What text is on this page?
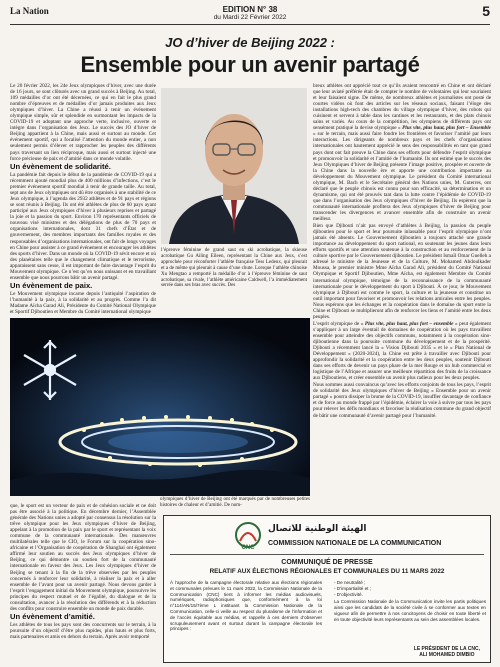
La Nation	EDITION N° 38
du Mardi 22 Février 2022	5
JO d’hiver de Beijing 2022 :
Ensemble pour un avenir partagé

Le 20 février 2022, les 24e Jeux olympiques d’hiver, avec une durée de 16 jours, se sont clôturés avec un grand succès à Beijing. Au total, 109 médailles d’or ont été décernées, ce qui en fait le plus grand nombre d’épreuves et de médailles d’or jamais produites aux Jeux olympiques d’hiver. La Chine a réussi à tenir un événement olympique simple, sûr et splendide en surmontant les impacts de la COVID-19 et adoptant une approche verte, inclusive, ouverte et intègre dans l’organisation des Jeux. Le succès des JO d’hiver de Beijing appartient à la Chine, mais aussi et surtout au monde. Cet événement sportif, qui a focalisé l’attention du monde entier, a non seulement permis d’élever et rapprocher les peuples des différents pays traversant un lien réciproque, mais aussi et surtout injecté une force précieuse de paix et d’amitié dans ce monde volatile.

Un évènement de solidarité.

La pandémie fait depuis le début de la pandémie de COVID-19 qui a récemment ajouté mondial plus de 400 millions d’infections, c’est le premier événement sportif mondial à tenir de grande taille. Au total, sept ans de Jeux olympiques ont dû être organisés à une stabilité de ce Jeux olympique, à l’agenda des 2932 athlètes et de 91 pays et régions se sont réunis à Beijing. Ils ont été athlètes de plus de 60 pays ayant participé aux Jeux olympiques d’hiver à plusieurs reprises et partagé la joie et la passion du sport. Environ 170 représentants officiels de nouveau visé ministres et des délégations de plus de 70 pays et organisations internationales, dont 31 chefs d’État et de gouvernement, des membres importants des familles royales et des responsables d’organisations internationales, ont fait de longs voyages en Chine pour assister à ce grand événement et encourager les athlètes des sports d’hiver. Dans un monde où la COVID-19 sévit encore et où des planétaires telle que le changement climatique et le terrorisme, apparaissent sans cesse, il est important de faire davantage l’esprit du Mouvement olympique. Ce n’est qu’en nous unissant et en travaillant ensemble que nous pourrons bâtir un avenir partagé.

Un évènement de paix.

Le Mouvement olympique incarne depuis l’antiquité l’aspiration de l’humanité à la paix, à la solidarité et au progrès. Comme l’a dit Madame Aïcha Garad Ali, Présidente du Comité National Olympique et Sportif Djiboutien et Membre du Comité international olympique

l’épreuve féminine de grand saut en ski acrobatique, la skieuse acrobatique Gu Ailing Eileen, représentant la Chine aux Jeux, s’est approchée pour réconforter l’athlète française Tess Ledeux, qui pleurait et a de même qui pleurait à cause d’une chute. Lorsque l’athlète chinoise Xu Mengtao a remporté la médaille d’or à l’épreuve féminine de saut acrobatique, sa rivale, l’athlète américaine Caldwell, l’a immédiatement serrée dans ses bras avec succès. Des

breux athlètes ont apprécié tout ce qu’ils avaient rencontré en Chine et ont déclaré que leur aviaté préférée était de compter le nombre de volontaires qui leur souriaient et leur faisaient signe. De même, de nombreux athlètes et journalistes ont posté de courtes vidéos où font des articles sur les réseaux sociaux, faisant l’éloge des installations high-tech des chambres du village olympique d’hiver, des robots qui cuisinent et servent à table dans les cantines et les restaurants, et des plats chinois sains et variés. Au cours de la compétition, les olympiens de différents pays ont sensément pratiqué la devise olympique « Plus vite, plus haut, plus fort – Ensemble » sur le terrain, mais aussi faire fondre les frontières et favoriser l’amitié par leurs interactions. Les dirigeants de nombreux pays et les chefs d’organisations internationales ont hautement apprécié le sens des responsabilités en tant que grand pays dont ont fait preuve la Chine dans ses efforts pour défendre l’esprit olympique et promouvoir la solidarité et l’amitié de l’humanité. Ils ont estimé que le succès des Jeux Olympiques d’hiver de Beijing présente l’image positive, prospère et ouverte de la Chine dans la nouvelle ère et apporte une contribution importante au développement du Mouvement olympique. Le président du Comité international olympique, M. Bach et le Secrétaire général des Nations unies, M. Guterres, ont déclaré que le peuple chinois est connu pour son efficacité, sa détermination et un dynamisme, qui ont été prouvés tant dans la lutte contre l’épidémie de COVID-19 que dans l’organisation des Jeux olympiques d’hiver de Beijing. Ils espèrent que la communauté internationale profitera des Jeux olympiques d’hiver de Beijing pour transcender les divergences et avancer ensemble afin de construire un avenir meilleur.

Bien que Djibouti n’ait pas envoyé d’athlètes à Beijing, la passion du peuple djiboutien pour le sport et leur poursuite inlassable pour l’esprit olympique n’ont jamais été absents. Le Gouvernement djiboutien a toujours attaché une grande importance au développement du sport national, en soutenant les jeunes dans leurs efforts sportifs et une attention soutenue à la construction et au renforcement de la culture sportive par le Gouvernement djiboutien. Le président Ismaïl Omar Guelleh a adressé le ministre de la Jeunesse et de la Culture, M. Mohamed Abdoulkader Moussa, le premier ministre Mme Aïcha Garad Ali, président du Comité National Olympique et Sportif Djiboutien, Mme Aïcha, est également Membre du Comité international olympique, témoigne de la reconnaissance de la communauté internationale pour le développement du sport à Djibouti. À ce jour, le Mouvement olympique à Djibouti est comme le sport, la culture et la jeunesse et constitue un outil important pour favoriser et promouvoir les relations amicales entre les peuples. Nous espérons que les échanges et la coopération dans le domaine du sport entre la Chine et Djibouti se multiplieront afin de renforcer les liens et l’amitié entre les deux peuples.

L’esprit olympique de « Plus vite, plus haut, plus fort – ensemble » peut également s’appliquer à un large éventail de domaines de coopération où les pays travaillent ensemble pour atteindre des objectifs communs, notamment à la coopération sino-djiboutienne dans la poursuite commune du développement et de la prospérité. Djibouti a récemment lancé la « Vision Djibouti 2035 » et le « Plan National de Développement » (2020-2024), la Chine est prête à travailler avec Djibouti pour approfondir la solidarité et la coopération entre les deux peuples, soutenir Djibouti dans ses efforts de devenir un pays phare de la mer Rouge et un hub commercial et logistique de l’Afrique et assurer une meilleure répartition des fruits de la croissance aux Djiboutiens, et créer ensemble un avenir plus radieux pour les deux peuples.

Nous sommes aussi convaincus qu’avec les efforts conjoints de tous les pays, l’esprit de solidarité des Jeux olympiques d’hiver de Beijing « Ensemble pour un avenir partagé » pourra dissiper la brume de la COVID-19, insuffler davantage de confiance et de force au monde frappé par l’épidémie, éclairer la voie à suivre par tous les pays pour relever les défis mondiaux et favoriser la réalisation commune du grand objectif de bâtir une communauté d’avenir partagé pour l’humanité.

olympiques d’hiver de Beijing ont été marqués par de nombreuses petites histoires de chaleur et d’amitié. De nom-

que, le sport est un vecteur de paix et de cohésion sociale et ne doit pas être associé à la politique. En décembre dernier, l’Assemblée générale des Nations unies a adopté par consensus la résolution sur la trêve olympique pour les Jeux olympiques d’hiver de Beijing, appelant à la promotion de la paix par le sport et représentant la voix commune de la communauté internationale. Des manœuvres multilatérales telle que le CIO, le Forum sur la coopération sino-africaine et l’Organisation de coopération de Shanghai ont également affirmé leur soutien au succès des Jeux olympiques d’hiver de Beijing, ce qui démontre un soutien fort de la communauté internationale en faveur des Jeux. Les Jeux olympiques d’hiver de Beijing se tenant à la fin de la trêve observées par les peuples concernés à renforcer leur solidarité, à réaliser la paix et à aller ensemble de l’avant pour un avenir partagé. Nous devons garder à l’esprit l’engagement initial du Mouvement olympique, poursuivre les principes du respect mutuel et de l’égalité, du dialogue et de la consultation, avancer à la résolution des différends et à la réduction des conflits pour construire ensemble un monde de paix durable.

Un évènement d’amitié.

Les athlètes de tous les pays sont des concurrents sur le terrain, à la poursuite d’un objectif d’être plus rapides, plus hauts et plus forts, mais partenaires et amis en dehors du terrain. Après avoir remporté

CNC
الهيئة الوطنية للاتصال
COMMISSION NATIONALE DE LA COMMUNICATION
COMMUNIQUÉ DE PRESSE
RELATIF AUX ÉLECTIONS RÉGIONALES ET COMMUNALES DU 11 MARS 2022
À l’approche de la campagne électorale relative aux élections régionales et communales prévues le 11 mars 2022, la Commission Nationale de la Communication (CNC) tient à informer les médias audiovisuels, numériques, radiophoniques que, conformément à la loi n°114/AN/15/7ème L instituant la Commission Nationale de la Communication, celle-ci veille au respect du pluralisme de l’information et de l’accès équitable aux médias, et rappelle à ces derniers d’observer scrupuleusement avant et surtout durant la campagne électorale les principes :
- De neutralité ;
- D’impartialité et ;
- D’objectivité.

La Commission Nationale de la Communication invite les partis politiques ainsi que les candidats de la société civile à se conformer aux textes en vigueur afin de permettre à nos concitoyens de choisir en toute liberté et en toute objectivité leurs représentants au sein des assemblées locales.

LE PRÉSIDENT DE LA CNC,
ALI MOHAMED DIMBIO
